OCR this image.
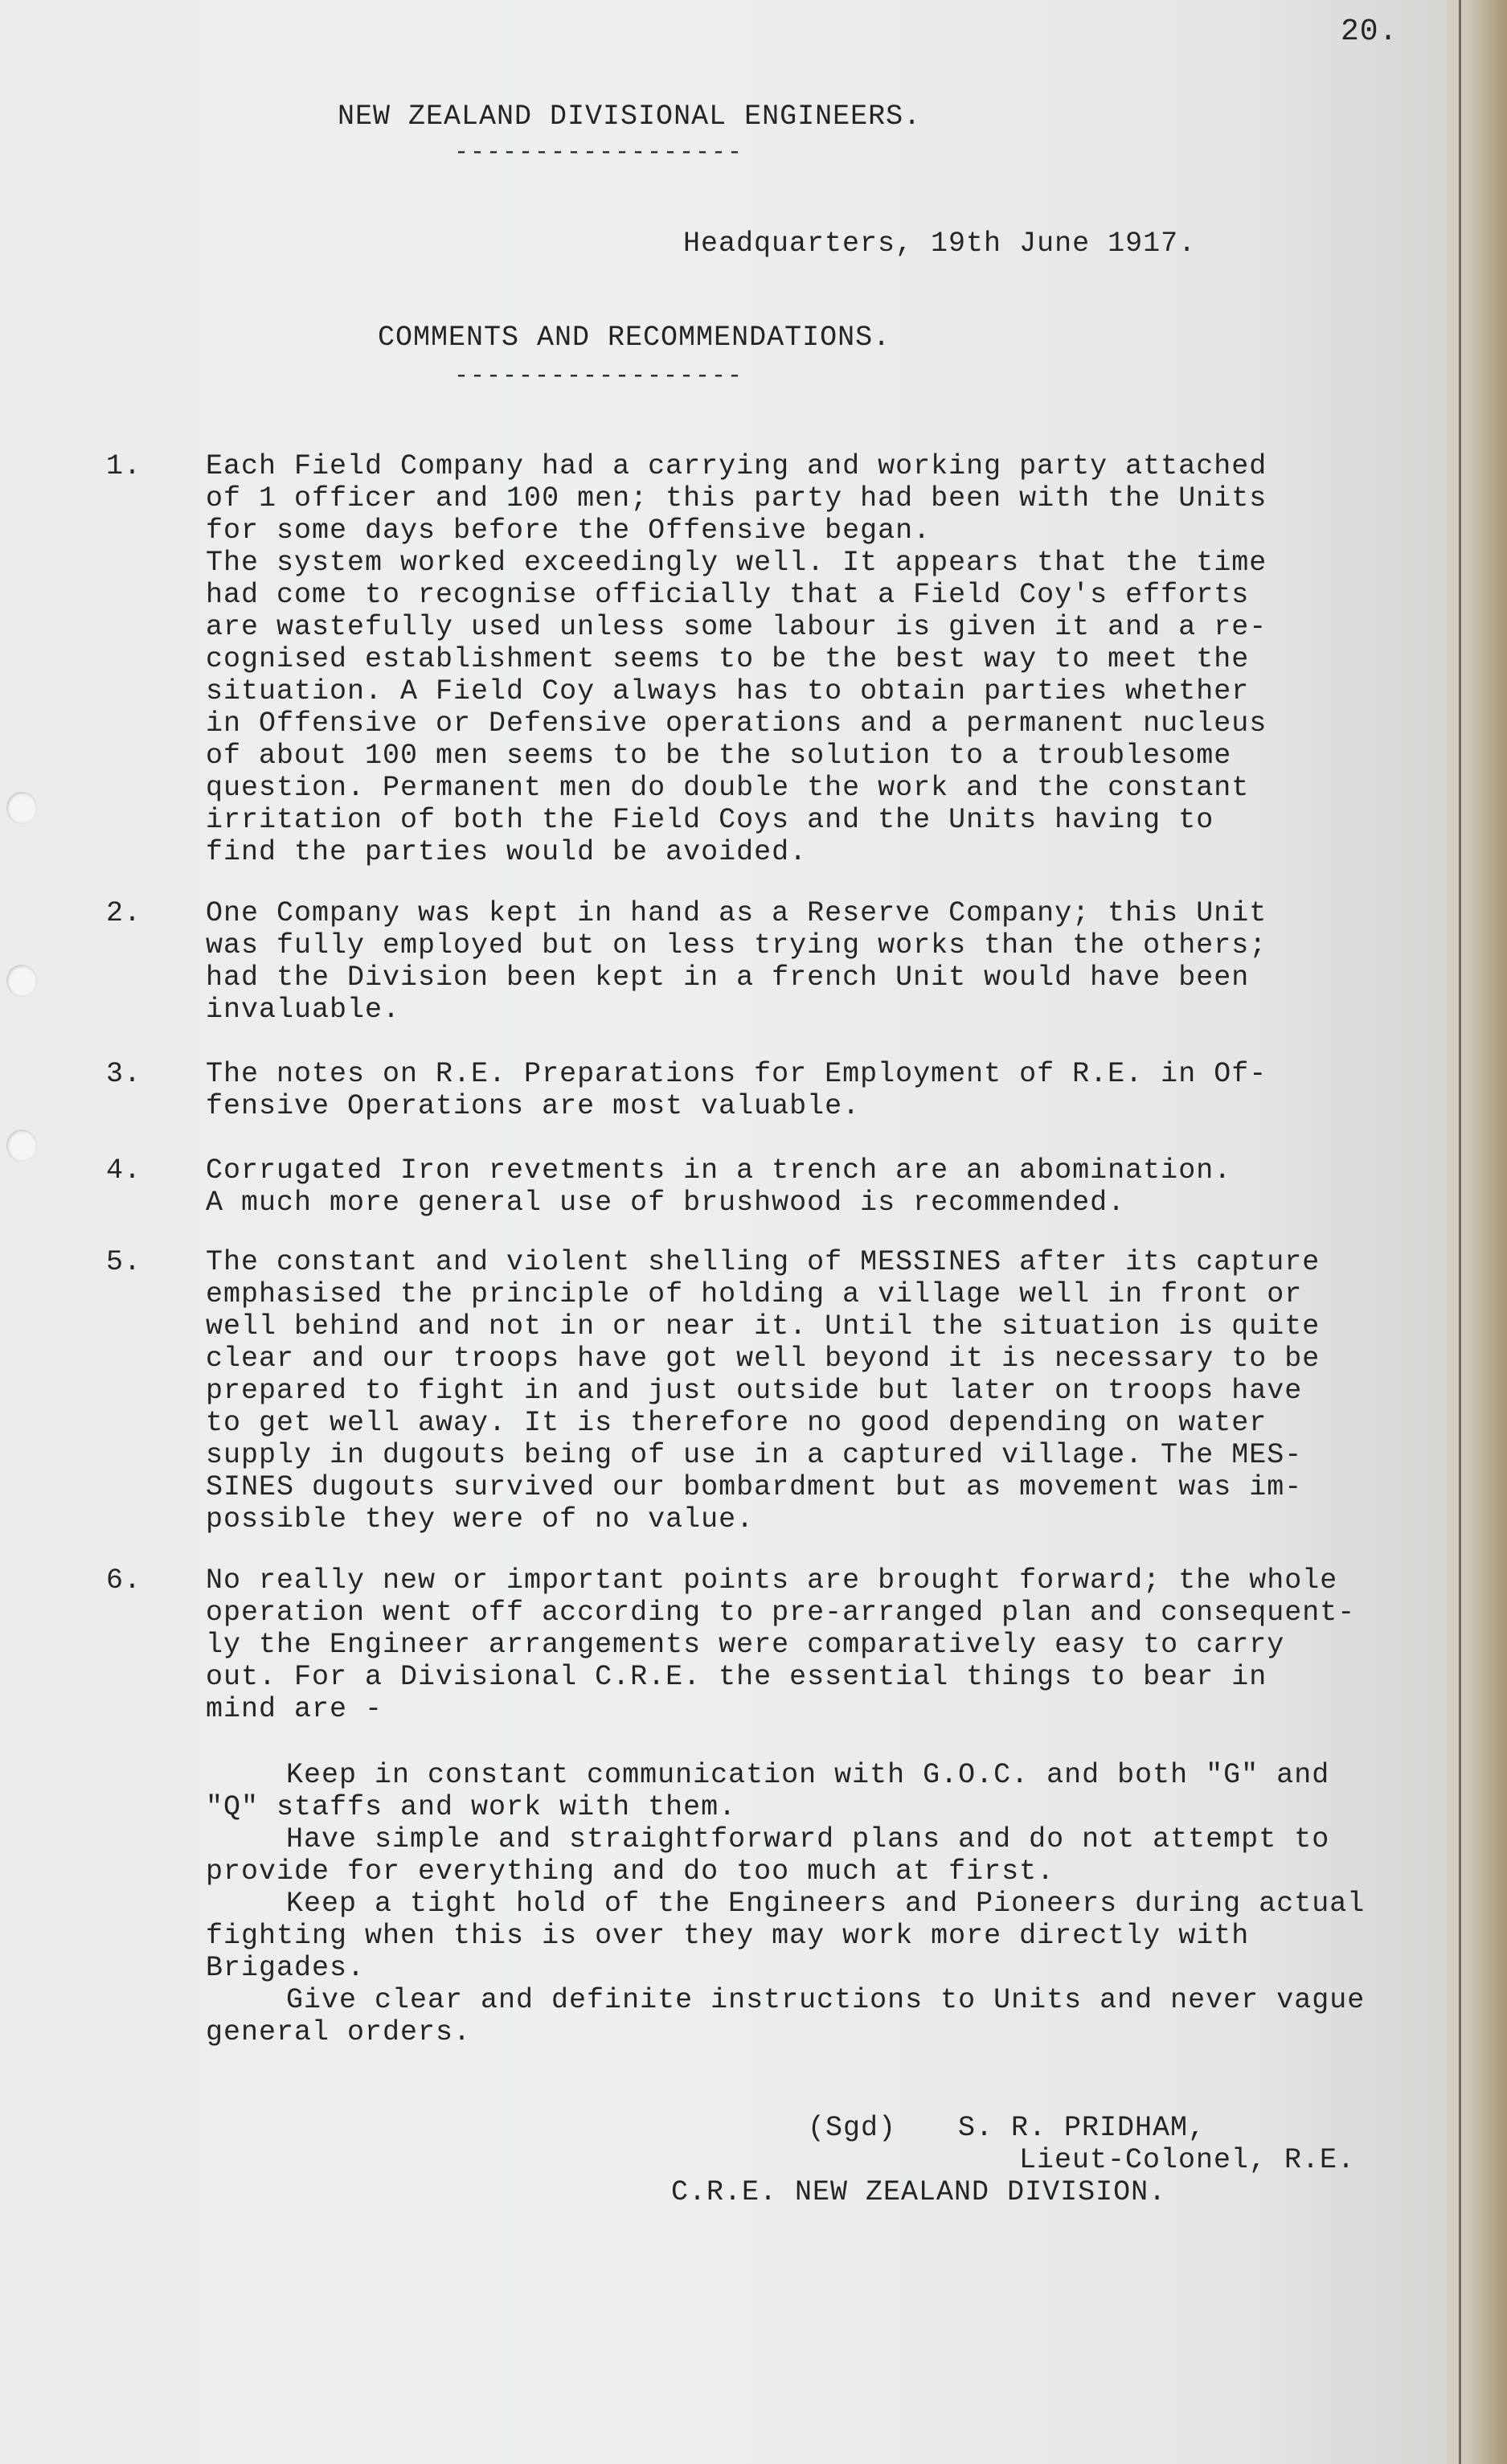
20.
NEW ZEALAND DIVISIONAL ENGINEERS.
------------------
Headquarters, 19th June 1917.
COMMENTS AND RECOMMENDATIONS.
------------------
1. Each Field Company had a carrying and working party attached
of 1 officer and 100 men; this party had been with the Units
for some days before the Offensive began.
The system worked exceedingly well. It appears that the time
had come to recognise officially that a Field Coy's efforts
are wastefully used unless some labour is given it and a re-
cognised establishment seems to be the best way to meet the
situation. A Field Coy always has to obtain parties whether
in Offensive or Defensive operations and a permanent nucleus
of about 100 men seems to be the solution to a troublesome
question. Permanent men do double the work and the constant
irritation of both the Field Coys and the Units having to
find the parties would be avoided.
2. One Company was kept in hand as a Reserve Company; this Unit
was fully employed but on less trying works than the others;
had the Division been kept in a french Unit would have been
invaluable.
3. The notes on R.E. Preparations for Employment of R.E. in Of-
fensive Operations are most valuable.
4. Corrugated Iron revetments in a trench are an abomination.
A much more general use of brushwood is recommended.
5. The constant and violent shelling of MESSINES after its capture
emphasised the principle of holding a village well in front or
well behind and not in or near it. Until the situation is quite
clear and our troops have got well beyond it is necessary to be
prepared to fight in and just outside but later on troops have
to get well away. It is therefore no good depending on water
supply in dugouts being of use in a captured village. The MES-
SINES dugouts survived our bombardment but as movement was im-
possible they were of no value.
6. No really new or important points are brought forward; the whole
operation went off according to pre-arranged plan and consequent-
ly the Engineer arrangements were comparatively easy to carry
out. For a Divisional C.R.E. the essential things to bear in
mind are -
Keep in constant communication with G.O.C. and both "G" and
"Q" staffs and work with them.
Have simple and straightforward plans and do not attempt to
provide for everything and do too much at first.
Keep a tight hold of the Engineers and Pioneers during actual
fighting when this is over they may work more directly with
Brigades.
Give clear and definite instructions to Units and never vague
general orders.
(Sgd) S. R. PRIDHAM,
Lieut-Colonel, R.E.
C.R.E. NEW ZEALAND DIVISION.
